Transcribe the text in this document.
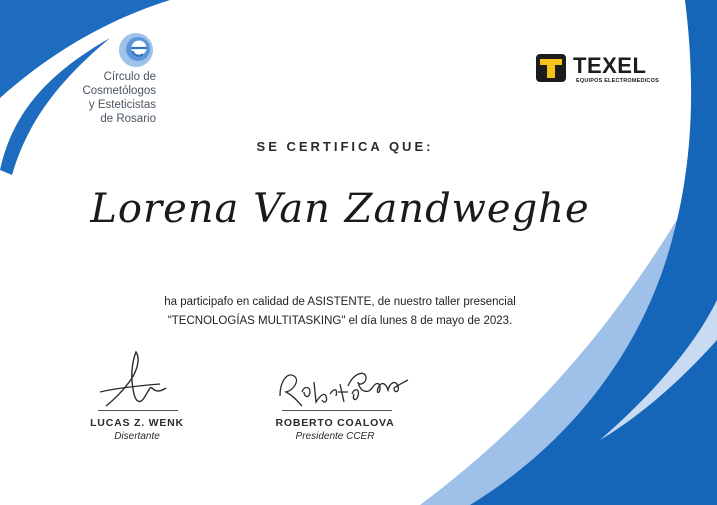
Círculo de
Cosmetólogos
y Esteticistas
de Rosario
TEXEL
EQUIPOS ELECTROMEDICOS
SE CERTIFICA QUE:
Lorena Van Zandweghe
ha participafo en calidad de ASISTENTE, de nuestro taller presencial
"TECNOLOGÍAS MULTITASKING" el día lunes 8 de mayo de 2023.
LUCAS Z. WENK
Disertante
ROBERTO COALOVA
Presidente CCER
